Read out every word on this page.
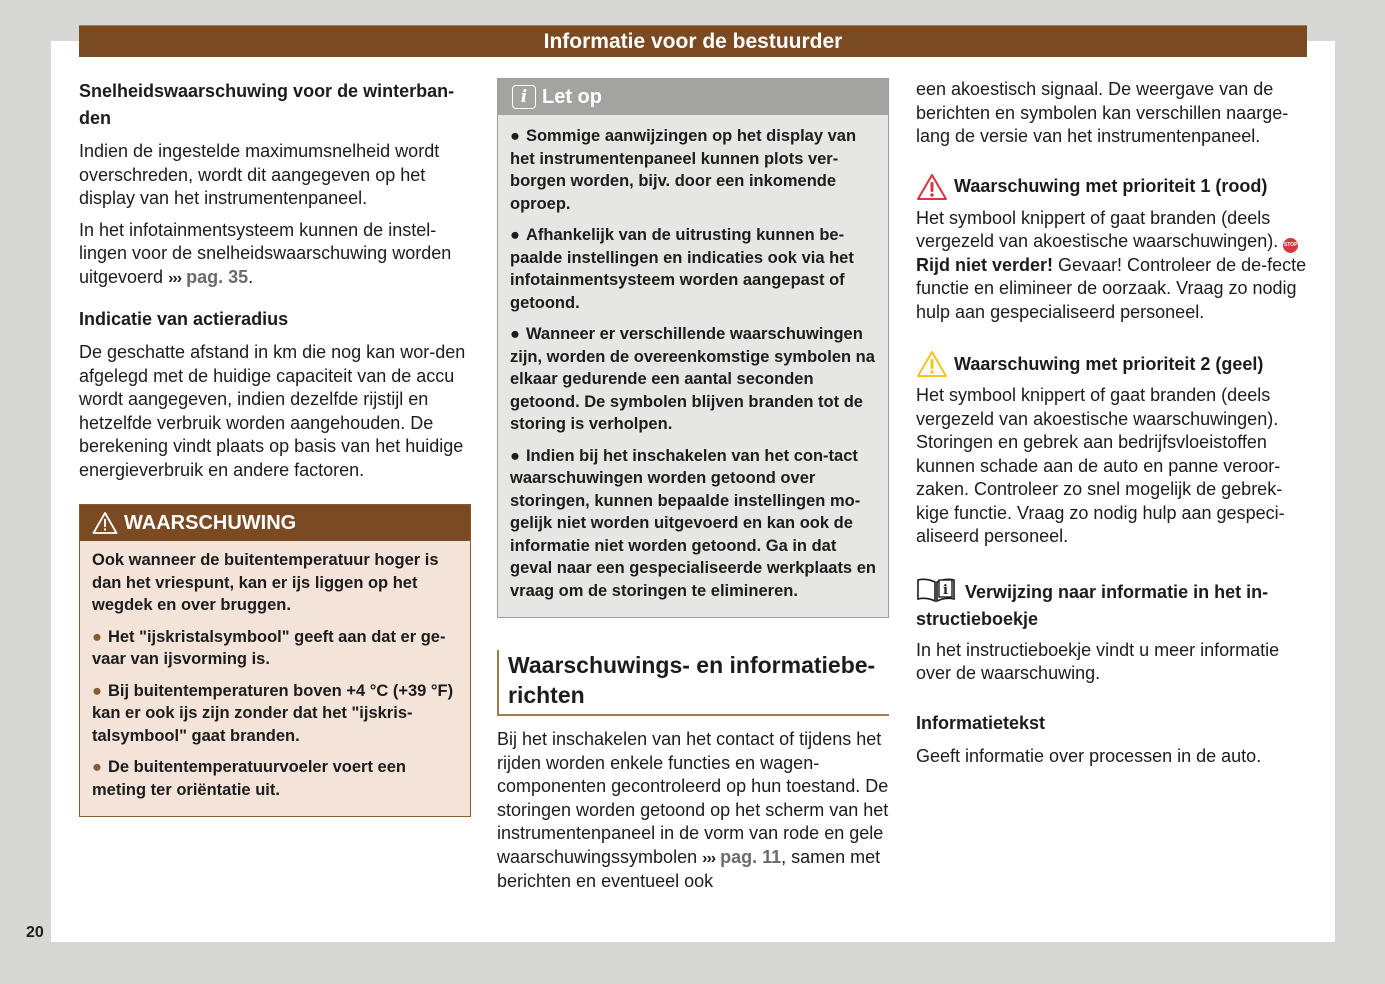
Informatie voor de bestuurder
Snelheidswaarschuwing voor de winterban-den

Indien de ingestelde maximumsnelheid wordt overschreden, wordt dit aangegeven op het display van het instrumentenpaneel.

In het infotainmentsysteem kunnen de instel-lingen voor de snelheidswaarschuwing worden uitgevoerd ››› pag. 35.

Indicatie van actieradius

De geschatte afstand in km die nog kan wor-den afgelegd met de huidige capaciteit van de accu wordt aangegeven, indien dezelfde rijstijl en hetzelfde verbruik worden aangehouden. De berekening vindt plaats op basis van het huidige energieverbruik en andere factoren.

WAARSCHUWING

Ook wanneer de buitentemperatuur hoger is dan het vriespunt, kan er ijs liggen op het wegdek en over bruggen.

● Het "ijskristalsymbool" geeft aan dat er ge-vaar van ijsvorming is.

● Bij buitentemperaturen boven +4 °C (+39 °F) kan er ook ijs zijn zonder dat het "ijskris-talsymbool" gaat branden.

● De buitentemperatuurvoeler voert een meting ter oriëntatie uit.

i Let op

● Sommige aanwijzingen op het display van het instrumentenpaneel kunnen plots ver-borgen worden, bijv. door een inkomende oproep.

● Afhankelijk van de uitrusting kunnen be-paalde instellingen en indicaties ook via het infotainmentsysteem worden aangepast of getoond.

● Wanneer er verschillende waarschuwingen zijn, worden de overeenkomstige symbolen na elkaar gedurende een aantal seconden getoond. De symbolen blijven branden tot de storing is verholpen.

● Indien bij het inschakelen van het con-tact waarschuwingen worden getoond over storingen, kunnen bepaalde instellingen mo-gelijk niet worden uitgevoerd en kan ook de informatie niet worden getoond. Ga in dat geval naar een gespecialiseerde werkplaats en vraag om de storingen te elimineren.

Waarschuwings- en informatiebe-richten

Bij het inschakelen van het contact of tijdens het rijden worden enkele functies en wagen-componenten gecontroleerd op hun toestand. De storingen worden getoond op het scherm van het instrumentenpaneel in de vorm van rode en gele waarschuwingssymbolen ››› pag. 11, samen met berichten en eventueel ook

een akoestisch signaal. De weergave van de berichten en symbolen kan verschillen naarge-lang de versie van het instrumentenpaneel.

Waarschuwing met prioriteit 1 (rood)

Het symbool knippert of gaat branden (deels vergezeld van akoestische waarschuwingen). STOPRijd niet verder! Gevaar! Controleer de de-fecte functie en elimineer de oorzaak. Vraag zo nodig hulp aan gespecialiseerd personeel.

Waarschuwing met prioriteit 2 (geel)

Het symbool knippert of gaat branden (deels vergezeld van akoestische waarschuwingen). Storingen en gebrek aan bedrijfsvloeistoffen kunnen schade aan de auto en panne veroor-zaken. Controleer zo snel mogelijk de gebrek-kige functie. Vraag zo nodig hulp aan gespeci-aliseerd personeel.

i Verwijzing naar informatie in het in-structieboekje

In het instructieboekje vindt u meer informatie over de waarschuwing.

Informatietekst

Geeft informatie over processen in de auto.

20
